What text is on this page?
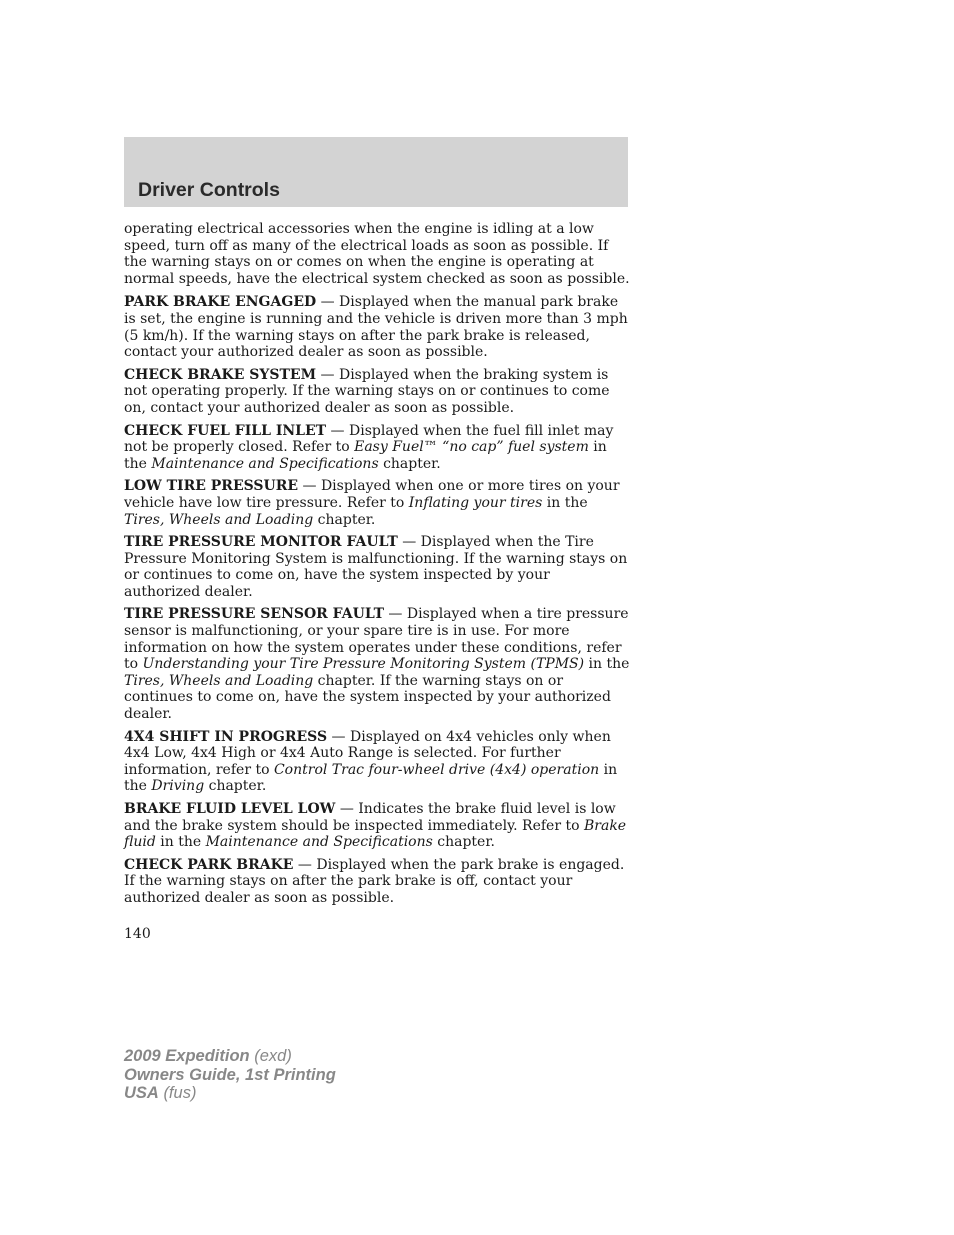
Driver Controls

operating electrical accessories when the engine is idling at a low speed, turn off as many of the electrical loads as soon as possible. If the warning stays on or comes on when the engine is operating at normal speeds, have the electrical system checked as soon as possible.

PARK BRAKE ENGAGED — Displayed when the manual park brake is set, the engine is running and the vehicle is driven more than 3 mph (5 km/h). If the warning stays on after the park brake is released, contact your authorized dealer as soon as possible.

CHECK BRAKE SYSTEM — Displayed when the braking system is not operating properly. If the warning stays on or continues to come on, contact your authorized dealer as soon as possible.

CHECK FUEL FILL INLET — Displayed when the fuel fill inlet may not be properly closed. Refer to Easy Fuel™ “no cap” fuel system in the Maintenance and Specifications chapter.

LOW TIRE PRESSURE — Displayed when one or more tires on your vehicle have low tire pressure. Refer to Inflating your tires in the Tires, Wheels and Loading chapter.

TIRE PRESSURE MONITOR FAULT — Displayed when the Tire Pressure Monitoring System is malfunctioning. If the warning stays on or continues to come on, have the system inspected by your authorized dealer.

TIRE PRESSURE SENSOR FAULT — Displayed when a tire pressure sensor is malfunctioning, or your spare tire is in use. For more information on how the system operates under these conditions, refer to Understanding your Tire Pressure Monitoring System (TPMS) in the Tires, Wheels and Loading chapter. If the warning stays on or continues to come on, have the system inspected by your authorized dealer.

4X4 SHIFT IN PROGRESS — Displayed on 4x4 vehicles only when 4x4 Low, 4x4 High or 4x4 Auto Range is selected. For further information, refer to Control Trac four-wheel drive (4x4) operation in the Driving chapter.

BRAKE FLUID LEVEL LOW — Indicates the brake fluid level is low and the brake system should be inspected immediately. Refer to Brake fluid in the Maintenance and Specifications chapter.

CHECK PARK BRAKE — Displayed when the park brake is engaged. If the warning stays on after the park brake is off, contact your authorized dealer as soon as possible.

140
2009 Expedition (exd)
Owners Guide, 1st Printing
USA (fus)
